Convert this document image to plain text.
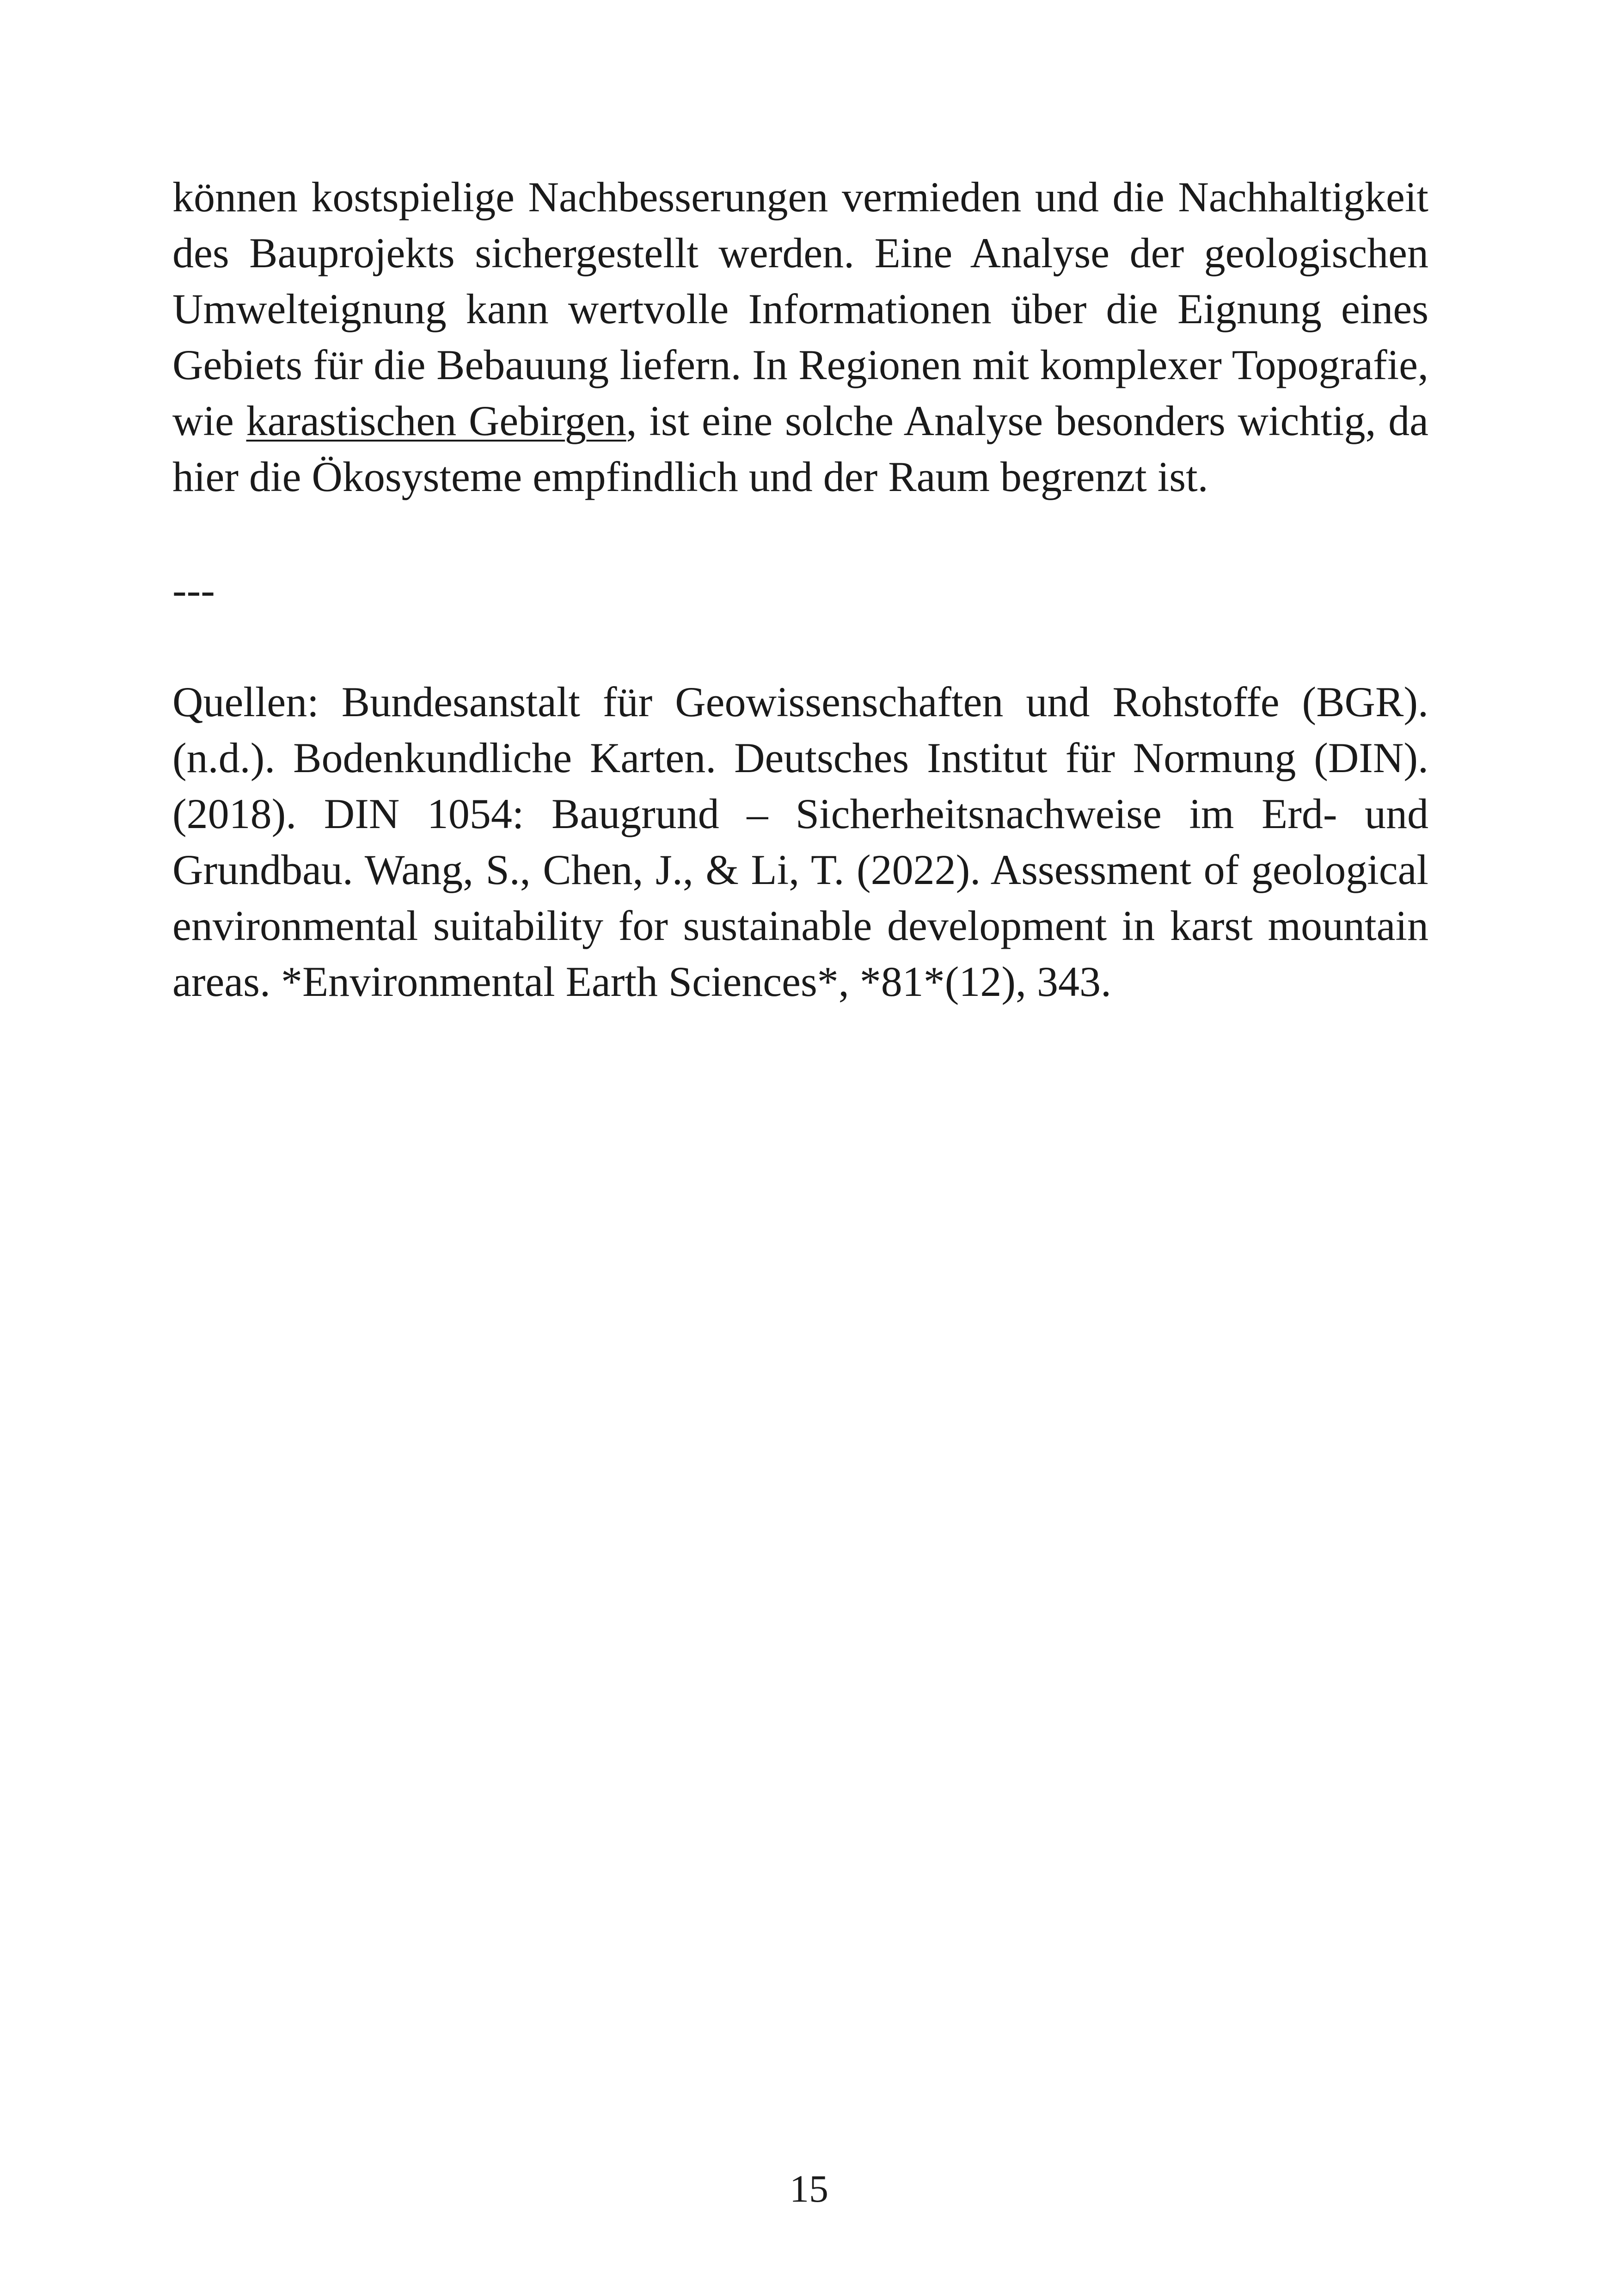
können kostspielige Nachbesserungen vermieden und die Nachhaltigkeit des Bauprojekts sichergestellt werden. Eine Analyse der geologischen Umwelteignung kann wertvolle Informationen über die Eignung eines Gebiets für die Bebauung liefern. In Regionen mit komplexer Topografie, wie karastischen Gebirgen, ist eine solche Analyse besonders wichtig, da hier die Ökosysteme empfindlich und der Raum begrenzt ist.

---

Quellen: Bundesanstalt für Geowissenschaften und Rohstoffe (BGR). (n.d.). Bodenkundliche Karten. Deutsches Institut für Normung (DIN). (2018). DIN 1054: Baugrund – Sicherheitsnachweise im Erd- und Grundbau. Wang, S., Chen, J., & Li, T. (2022). Assessment of geological environmental suitability for sustainable development in karst mountain areas. *Environmental Earth Sciences*, *81*(12), 343.

15
